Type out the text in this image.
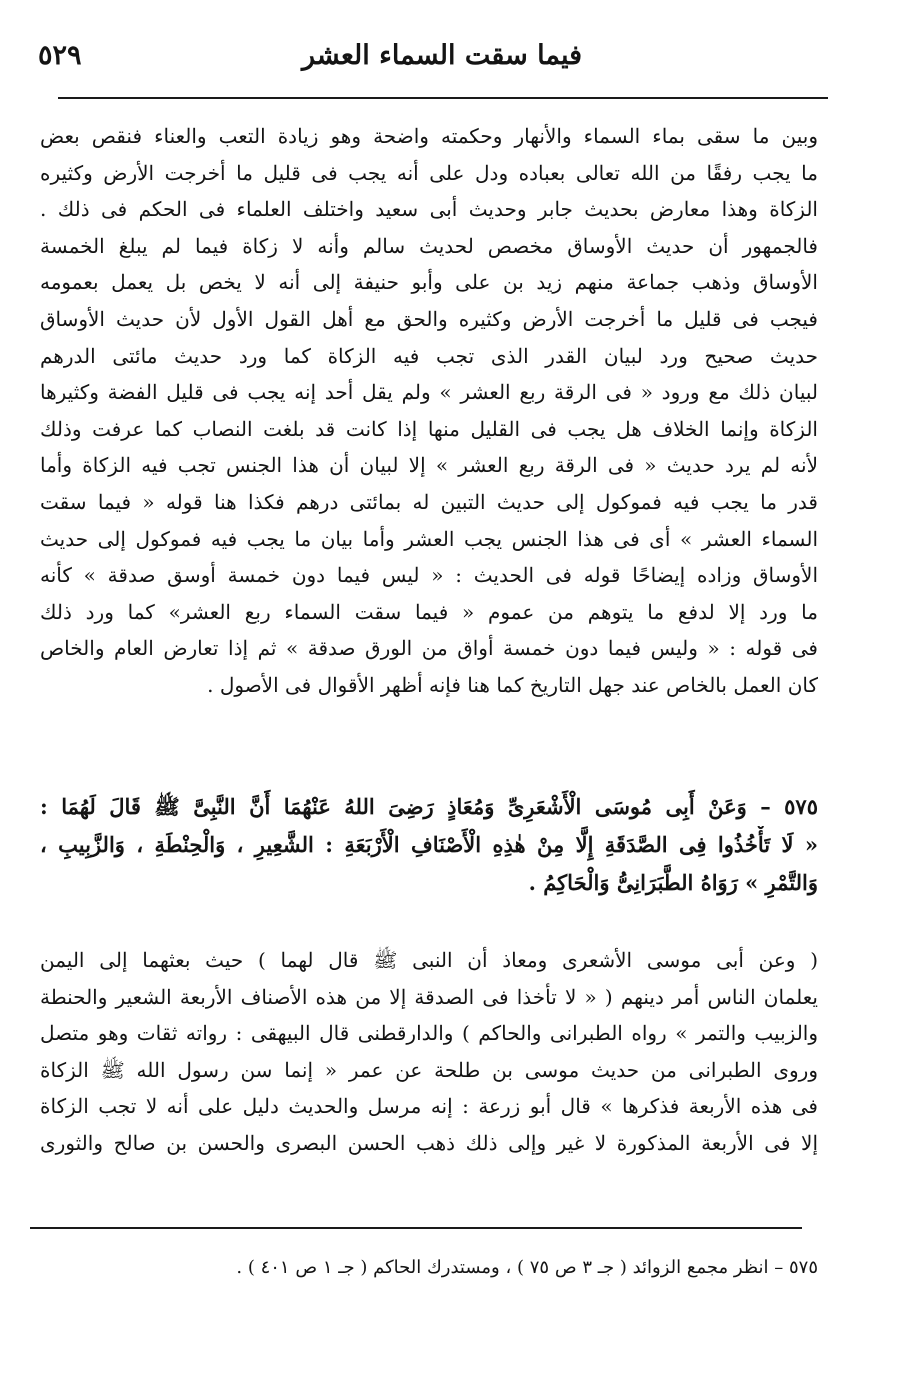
٥٢٩	فيما سقت السماء العشر
وبين ما سقى بماء السماء والأنهار وحكمته واضحة وهو زيادة التعب والعناء فنقص بعض
ما يجب رفقًا من الله تعالى بعباده ودل على أنه يجب فى قليل ما أخرجت الأرض وكثيره
الزكاة وهذا معارض بحديث جابر وحديث أبى سعيد واختلف العلماء فى الحكم فى ذلك .
فالجمهور أن حديث الأوساق مخصص لحديث سالم وأنه لا زكاة فيما لم يبلغ الخمسة
الأوساق وذهب جماعة منهم زيد بن على وأبو حنيفة إلى أنه لا يخص بل يعمل بعمومه
فيجب فى قليل ما أخرجت الأرض وكثيره والحق مع أهل القول الأول لأن حديث الأوساق
حديث صحيح ورد لبيان القدر الذى تجب فيه الزكاة كما ورد حديث مائتى الدرهم
لبيان ذلك مع ورود « فى الرقة ربع العشر » ولم يقل أحد إنه يجب فى قليل الفضة وكثيرها
الزكاة وإنما الخلاف هل يجب فى القليل منها إذا كانت قد بلغت النصاب كما عرفت وذلك
لأنه لم يرد حديث « فى الرقة ربع العشر » إلا لبيان أن هذا الجنس تجب فيه الزكاة وأما
قدر ما يجب فيه فموكول إلى حديث التبين له بمائتى درهم فكذا هنا قوله « فيما سقت
السماء العشر » أى فى هذا الجنس يجب العشر وأما بيان ما يجب فيه فموكول إلى حديث
الأوساق وزاده إيضاحًا قوله فى الحديث : « ليس فيما دون خمسة أوسق صدقة » كأنه
ما ورد إلا لدفع ما يتوهم من عموم « فيما سقت السماء ربع العشر» كما ورد ذلك
فى قوله : « وليس فيما دون خمسة أواق من الورق صدقة » ثم إذا تعارض العام والخاص
كان العمل بالخاص عند جهل التاريخ كما هنا فإنه أظهر الأقوال فى الأصول .
٥٧٥ – وَعَنْ أَبِى مُوسَى الْأَشْعَرِىِّ وَمُعَاذٍ رَضِىَ اللهُ عَنْهُمَا أَنَّ النَّبِىَّ ﷺ قَالَ لَهُمَا :
« لَا تَأْخُذُوا فِى الصَّدَقَةِ إِلَّا مِنْ هٰذِهِ الْأَصْنَافِ الْأَرْبَعَةِ : الشَّعِيرِ ، وَالْحِنْطَةِ ، وَالزَّبِيبِ ،
وَالتَّمْرِ » رَوَاهُ الطَّبَرَانِىُّ وَالْحَاكِمُ .
( وعن أبى موسى الأشعرى ومعاذ أن النبى ﷺ قال لهما ) حيث بعثهما إلى اليمن
يعلمان الناس أمر دينهم ( « لا تأخذا فى الصدقة إلا من هذه الأصناف الأربعة الشعير والحنطة
والزبيب والتمر » رواه الطبرانى والحاكم ) والدارقطنى قال البيهقى : رواته ثقات وهو متصل
وروى الطبرانى من حديث موسى بن طلحة عن عمر « إنما سن رسول الله ﷺ الزكاة
فى هذه الأربعة فذكرها » قال أبو زرعة : إنه مرسل والحديث دليل على أنه لا تجب الزكاة
إلا فى الأربعة المذكورة لا غير وإلى ذلك ذهب الحسن البصرى والحسن بن صالح والثورى
٥٧٥ – انظر مجمع الزوائد ( جـ ٣ ص ٧٥ ) ، ومستدرك الحاكم ( جـ ١ ص ٤٠١ ) .
